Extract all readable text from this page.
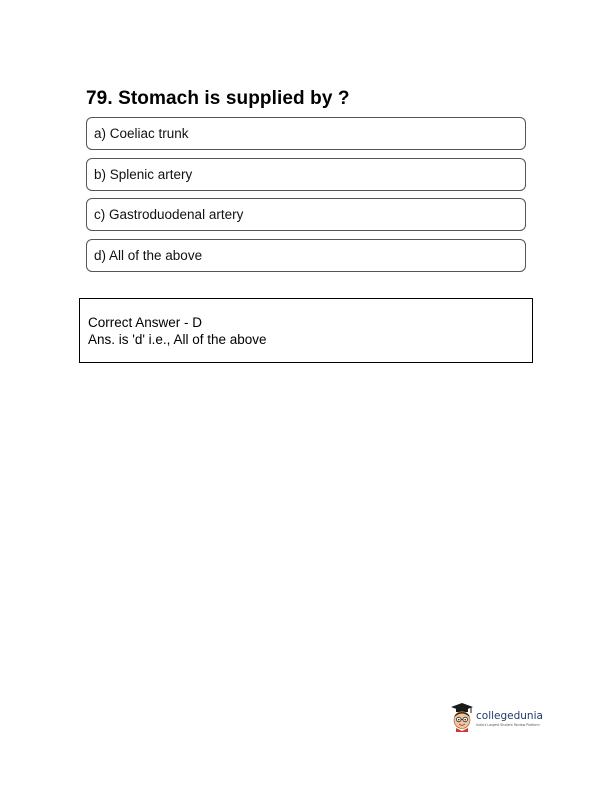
79. Stomach is supplied by ?
a) Coeliac trunk
b) Splenic artery
c) Gastroduodenal artery
d) All of the above
Correct Answer - D
Ans. is 'd' i.e., All of the above
collegedunia
India's Largest Student Review Platform
